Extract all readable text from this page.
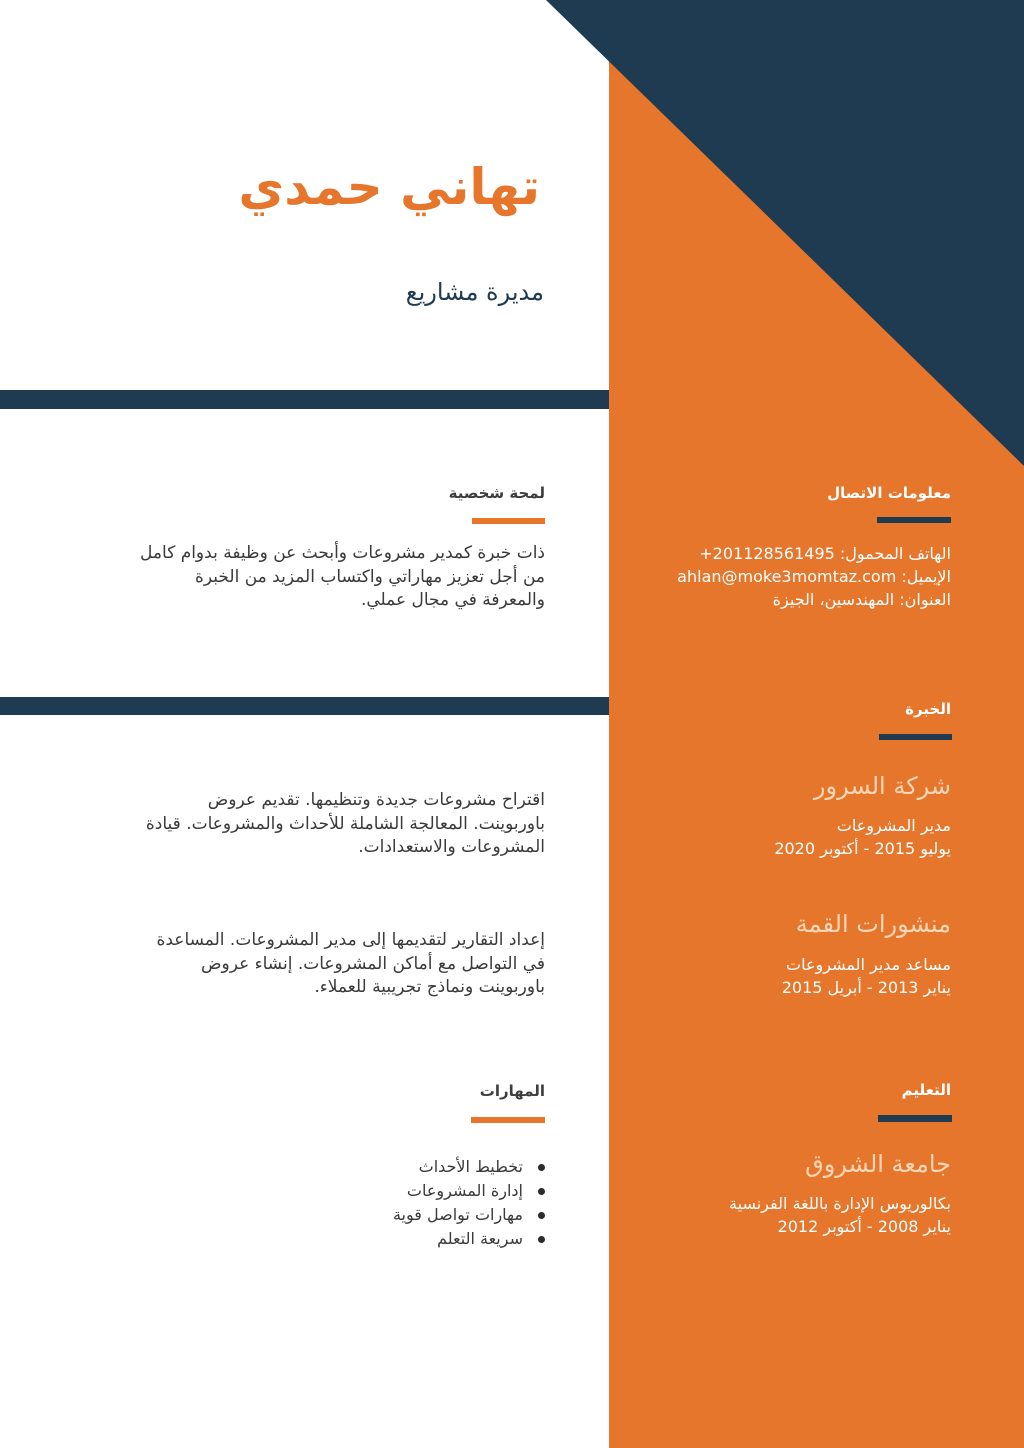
تهاني حمدي
مديرة مشاريع
لمحة شخصية
ذات خبرة كمدير مشروعات وأبحث عن وظيفة بدوام كامل
من أجل تعزيز مهاراتي واكتساب المزيد من الخبرة
والمعرفة في مجال عملي.
معلومات الاتصال
الهاتف المحمول: 201128561495+
الإيميل: ahlan@moke3momtaz.com
العنوان: المهندسين، الجيزة
الخبرة
شركة السرور
مدير المشروعات
يوليو 2015 - أكتوبر 2020
اقتراح مشروعات جديدة وتنظيمها. تقديم عروض
باوربوينت. المعالجة الشاملة للأحداث والمشروعات. قيادة
المشروعات والاستعدادات.
منشورات القمة
مساعد مدير المشروعات
يناير 2013 - أبريل 2015
إعداد التقارير لتقديمها إلى مدير المشروعات. المساعدة
في التواصل مع أماكن المشروعات. إنشاء عروض
باوربوينت ونماذج تجريبية للعملاء.
التعليم
جامعة الشروق
بكالوريوس الإدارة باللغة الفرنسية
يناير 2008 - أكتوبر 2012
المهارات
تخطيط الأحداث
إدارة المشروعات
مهارات تواصل قوية
سريعة التعلم
